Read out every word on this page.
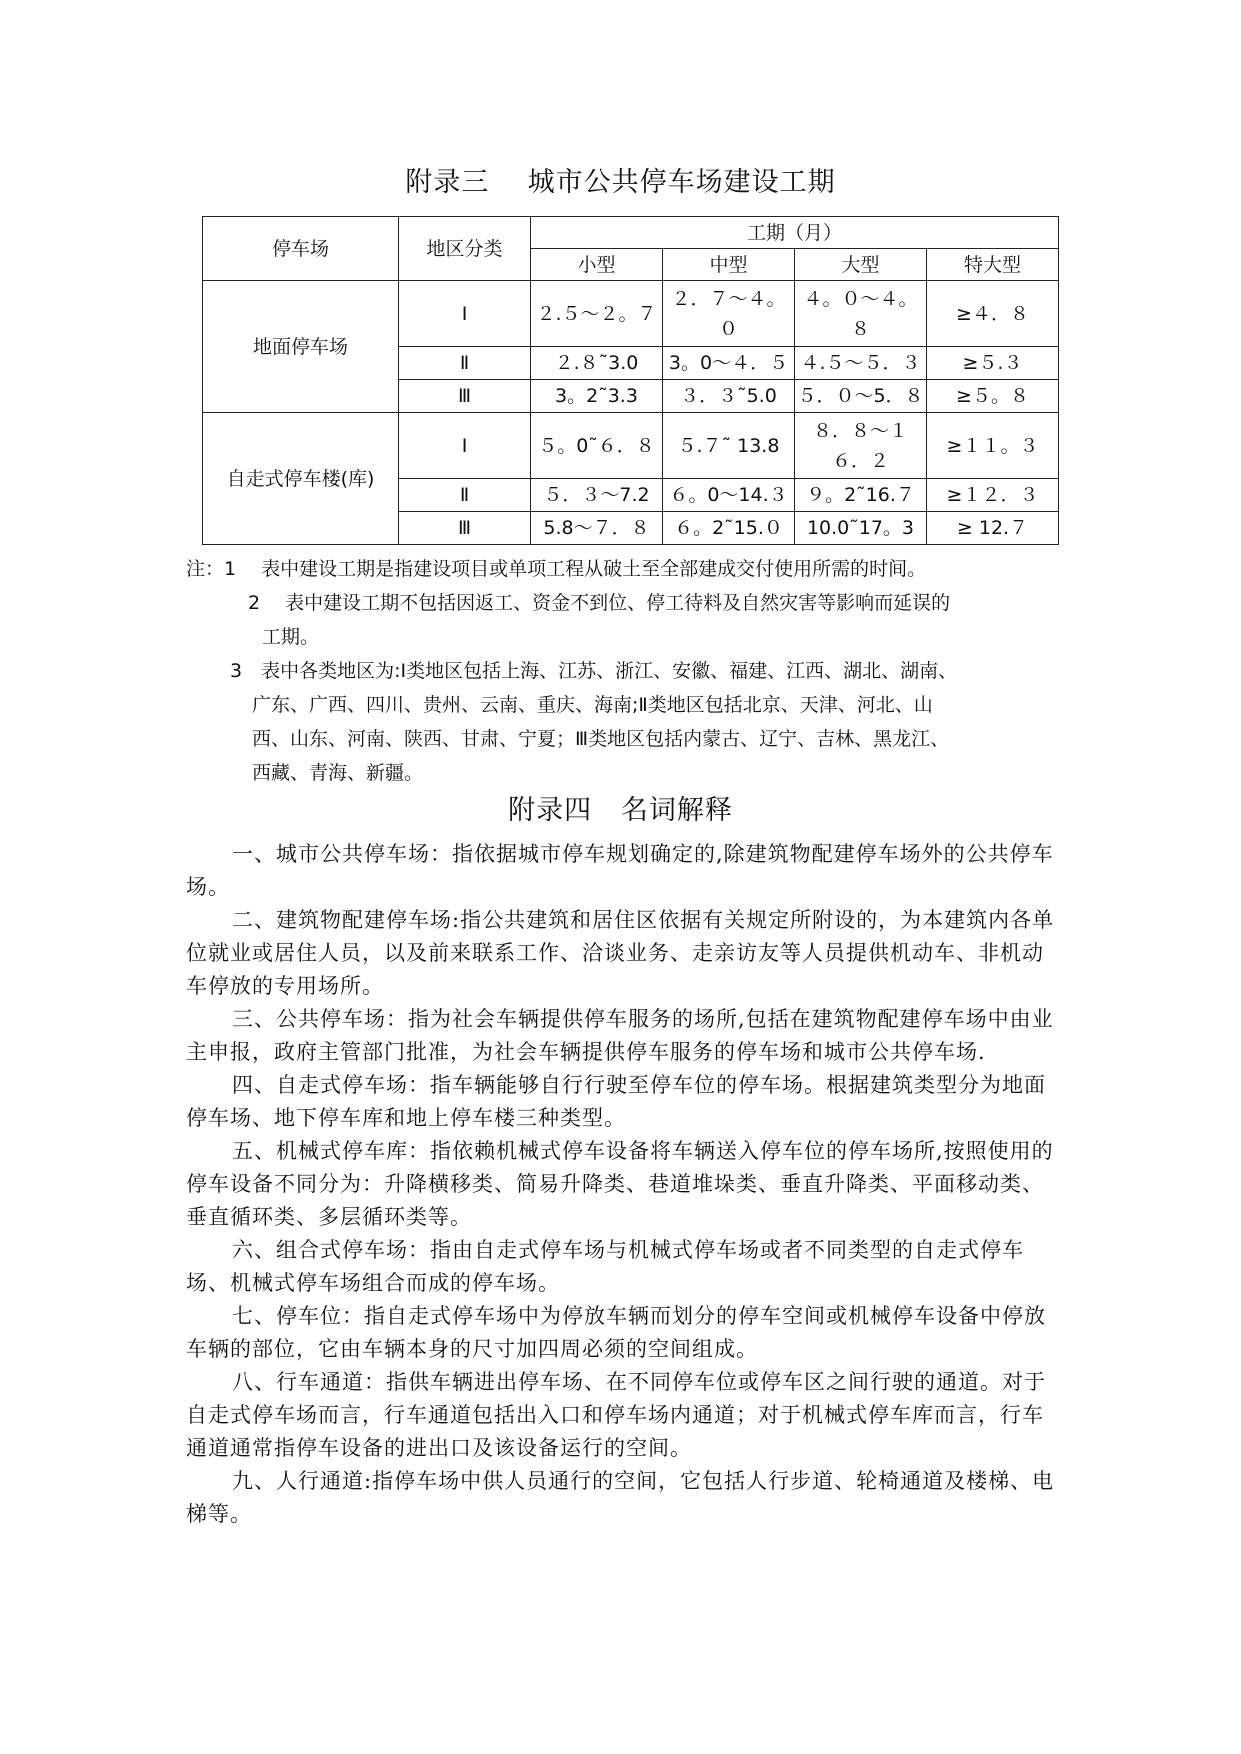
附录三    城市公共停车场建设工期
停车场	地区分类	工期（月）			
		小型	中型	大型	特大型
地面停车场	Ⅰ	２.５～２。７	２．７～４。０	４。０～４。８	≥４．８
	Ⅱ	２.８˜3.0	3。0～４．５	４.５～５．３	≥５.３
	Ⅲ	3。2˜3.3	３．３˜5.0	５．０～5．８	≥５。８
自走式停车楼(库)	Ⅰ	５。0˜６．８	５.７˜ 13.8	８．８～１６．２	≥１１。３
	Ⅱ	５．３～7.2	６。0～14.３	９。2˜16.７	≥１２．３
	Ⅲ	5.8～７．８	６。2˜15.０	10.0˜17。3	≥ 12.７
注：1　 表中建设工期是指建设项目或单项工程从破土至全部建成交付使用所需的时间。
2　 表中建设工期不包括因返工、资金不到位、停工待料及自然灾害等影响而延误的
工期。
3　表中各类地区为:Ⅰ类地区包括上海、江苏、浙江、安徽、福建、江西、湖北、湖南、
广东、广西、四川、贵州、云南、重庆、海南;Ⅱ类地区包括北京、天津、河北、山
西、山东、河南、陕西、甘肃、宁夏；Ⅲ类地区包括内蒙古、辽宁、吉林、黑龙江、
西藏、青海、新疆。
附录四   名词解释

一、城市公共停车场：指依据城市停车规划确定的,除建筑物配建停车场外的公共停车场。

二、建筑物配建停车场:指公共建筑和居住区依据有关规定所附设的，为本建筑内各单位就业或居住人员，以及前来联系工作、洽谈业务、走亲访友等人员提供机动车、非机动车停放的专用场所。

三、公共停车场：指为社会车辆提供停车服务的场所,包括在建筑物配建停车场中由业主申报，政府主管部门批准，为社会车辆提供停车服务的停车场和城市公共停车场.

四、自走式停车场：指车辆能够自行行驶至停车位的停车场。根据建筑类型分为地面停车场、地下停车库和地上停车楼三种类型。

五、机械式停车库：指依赖机械式停车设备将车辆送入停车位的停车场所,按照使用的停车设备不同分为：升降横移类、简易升降类、巷道堆垛类、垂直升降类、平面移动类、垂直循环类、多层循环类等。

六、组合式停车场：指由自走式停车场与机械式停车场或者不同类型的自走式停车场、机械式停车场组合而成的停车场。

七、停车位：指自走式停车场中为停放车辆而划分的停车空间或机械停车设备中停放车辆的部位，它由车辆本身的尺寸加四周必须的空间组成。

八、行车通道：指供车辆进出停车场、在不同停车位或停车区之间行驶的通道。对于自走式停车场而言，行车通道包括出入口和停车场内通道；对于机械式停车库而言，行车通道通常指停车设备的进出口及该设备运行的空间。

九、人行通道:指停车场中供人员通行的空间，它包括人行步道、轮椅通道及楼梯、电梯等。
